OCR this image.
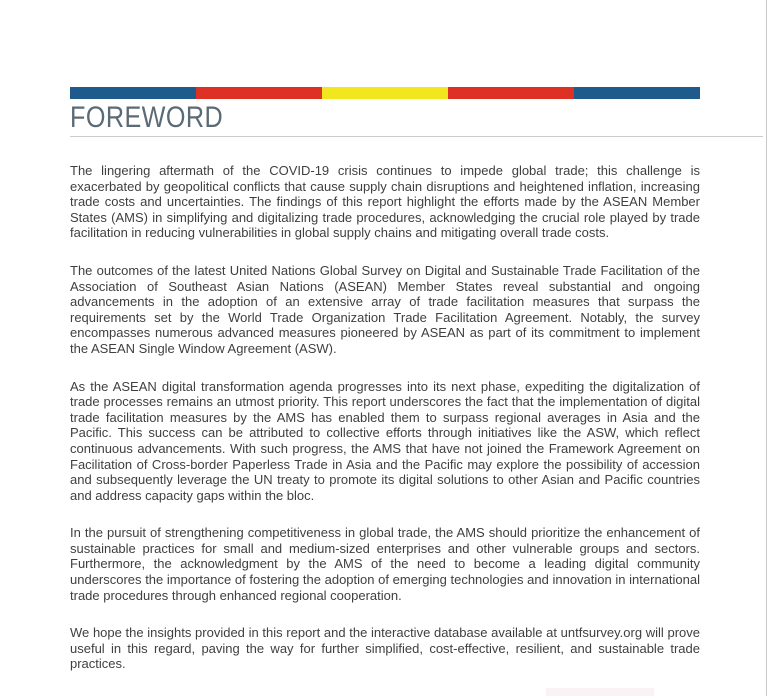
FOREWORD

The lingering aftermath of the COVID-19 crisis continues to impede global trade; this challenge is exacerbated by geopolitical conflicts that cause supply chain disruptions and heightened inflation, increasing trade costs and uncertainties. The findings of this report highlight the efforts made by the ASEAN Member States (AMS) in simplifying and digitalizing trade procedures, acknowledging the crucial role played by trade facilitation in reducing vulnerabilities in global supply chains and mitigating overall trade costs.

The outcomes of the latest United Nations Global Survey on Digital and Sustainable Trade Facilitation of the Association of Southeast Asian Nations (ASEAN) Member States reveal substantial and ongoing advancements in the adoption of an extensive array of trade facilitation measures that surpass the requirements set by the World Trade Organization Trade Facilitation Agreement. Notably, the survey encompasses numerous advanced measures pioneered by ASEAN as part of its commitment to implement the ASEAN Single Window Agreement (ASW).

As the ASEAN digital transformation agenda progresses into its next phase, expediting the digitalization of trade processes remains an utmost priority. This report underscores the fact that the implementation of digital trade facilitation measures by the AMS has enabled them to surpass regional averages in Asia and the Pacific. This success can be attributed to collective efforts through initiatives like the ASW, which reflect continuous advancements. With such progress, the AMS that have not joined the Framework Agreement on Facilitation of Cross-border Paperless Trade in Asia and the Pacific may explore the possibility of accession and subsequently leverage the UN treaty to promote its digital solutions to other Asian and Pacific countries and address capacity gaps within the bloc.

In the pursuit of strengthening competitiveness in global trade, the AMS should prioritize the enhancement of sustainable practices for small and medium-sized enterprises and other vulnerable groups and sectors. Furthermore, the acknowledgment by the AMS of the need to become a leading digital community underscores the importance of fostering the adoption of emerging technologies and innovation in international trade procedures through enhanced regional cooperation.

We hope the insights provided in this report and the interactive database available at untfsurvey.org will prove useful in this regard, paving the way for further simplified, cost-effective, resilient, and sustainable trade practices.
